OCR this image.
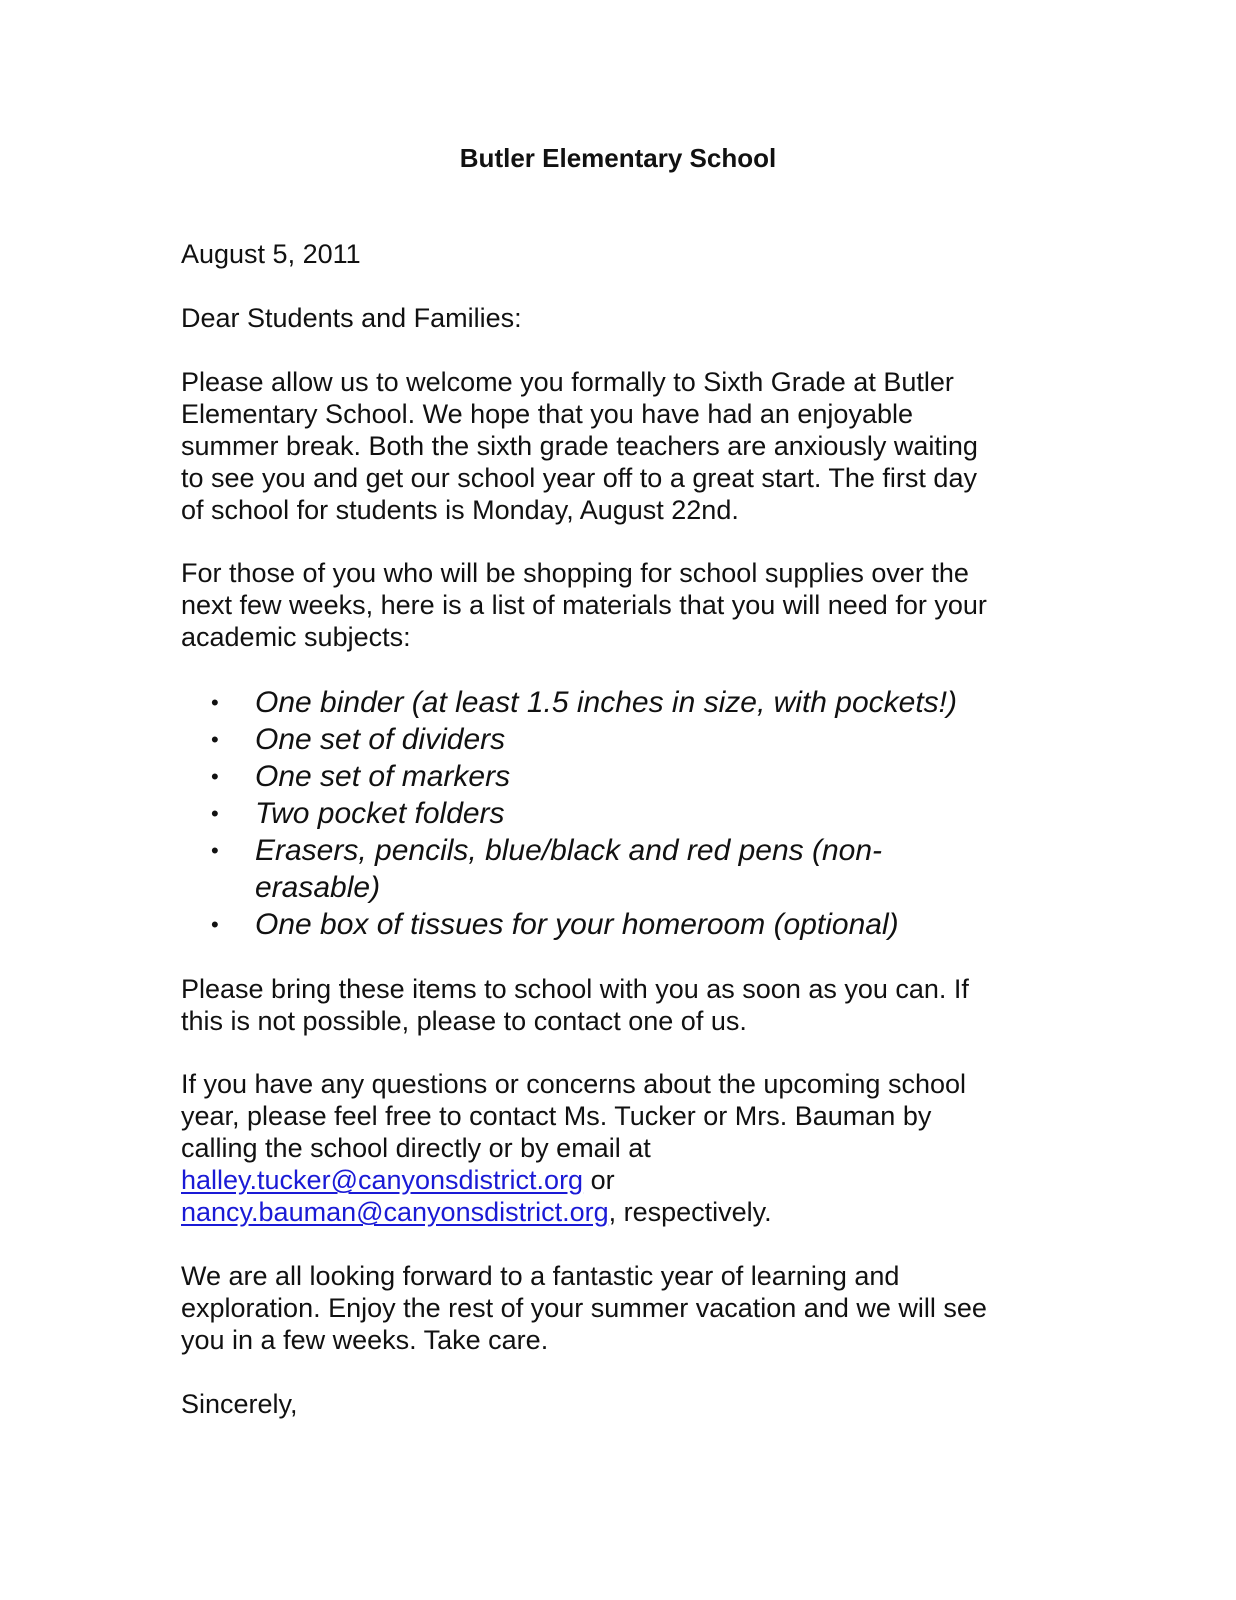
Butler Elementary School

August 5, 2011

Dear Students and Families:

Please allow us to welcome you formally to Sixth Grade at Butler
Elementary School. We hope that you have had an enjoyable
summer break. Both the sixth grade teachers are anxiously waiting
to see you and get our school year off to a great start. The first day
of school for students is Monday, August 22nd.

For those of you who will be shopping for school supplies over the
next few weeks, here is a list of materials that you will need for your
academic subjects:

•	One binder (at least 1.5 inches in size, with pockets!)
•	One set of dividers
•	One set of markers
•	Two pocket folders
•	Erasers, pencils, blue/black and red pens (non-
erasable)
•	One box of tissues for your homeroom (optional)

Please bring these items to school with you as soon as you can. If
this is not possible, please to contact one of us.

If you have any questions or concerns about the upcoming school
year, please feel free to contact Ms. Tucker or Mrs. Bauman by
calling the school directly or by email at
halley.tucker@canyonsdistrict.org or
nancy.bauman@canyonsdistrict.org, respectively.

We are all looking forward to a fantastic year of learning and
exploration. Enjoy the rest of your summer vacation and we will see
you in a few weeks. Take care.

Sincerely,
